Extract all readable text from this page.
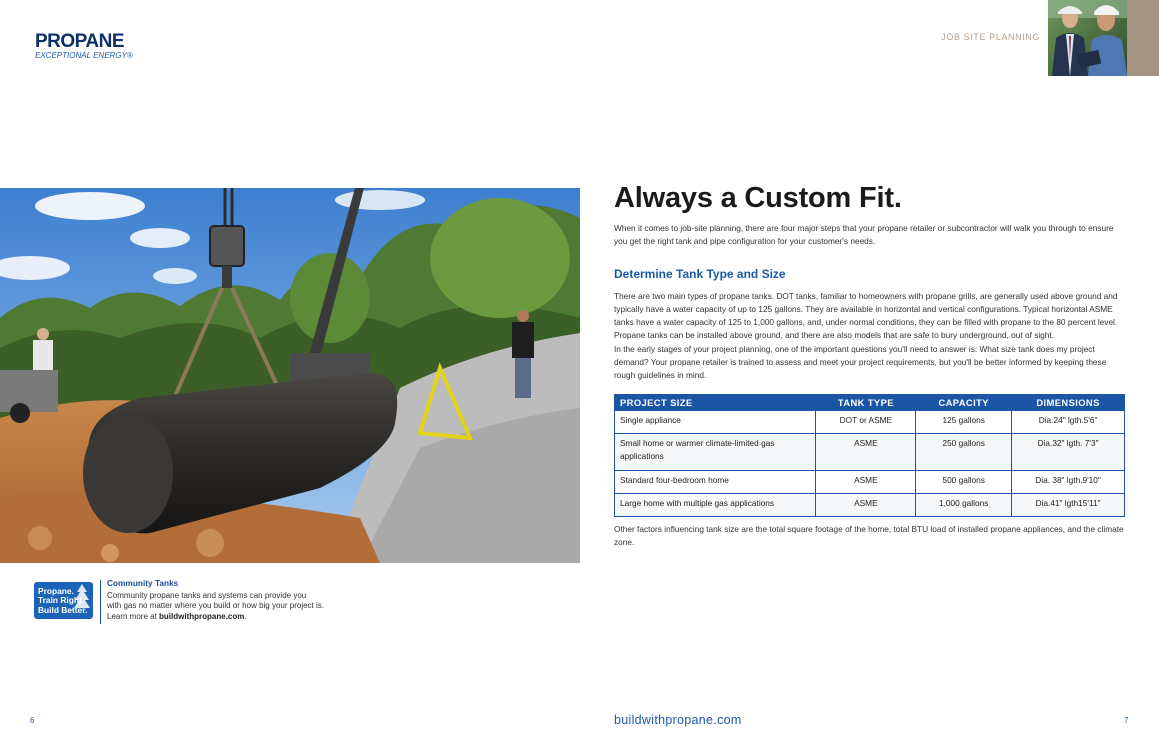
PROPANE
EXCEPTIONAL ENERGY®
JOB SITE PLANNING
Propane.
Train Right.
Build Better.
Community Tanks
Community propane tanks and systems can provide you
with gas no matter where you build or how big your project is.
Learn more at buildwithpropane.com.
Always a Custom Fit.

When it comes to job-site planning, there are four major steps that your propane retailer or subcontractor will walk you through to ensure you get the right tank and pipe configuration for your customer's needs.

Determine Tank Type and Size

There are two main types of propane tanks. DOT tanks, familiar to homeowners with propane grills, are generally used above ground and typically have a water capacity of up to 125 gallons. They are available in horizontal and vertical configurations. Typical horizontal ASME tanks have a water capacity of 125 to 1,000 gallons, and, under normal conditions, they can be filled with propane to the 80 percent level. Propane tanks can be installed above ground, and there are also models that are safe to bury underground, out of sight.

In the early stages of your project planning, one of the important questions you'll need to answer is: What size tank does my project demand? Your propane retailer is trained to assess and meet your project requirements, but you'll be better informed by keeping these rough guidelines in mind.

PROJECT SIZE	TANK TYPE	CAPACITY	DIMENSIONS
Single appliance	DOT or ASME	125 gallons	Dia.24" lgth.5'6"
Small home or warmer climate-limited gas applications	ASME	250 gallons	Dia.32" lgth. 7'3"
Standard four-bedroom home	ASME	500 gallons	Dia. 38" lgth.9'10"
Large home with multiple gas applications	ASME	1,000 gallons	Dia.41" lgth15'11"

Other factors influencing tank size are the total square footage of the home, total BTU load of installed propane appliances, and the climate zone.

6	buildwithpropane.com	7
